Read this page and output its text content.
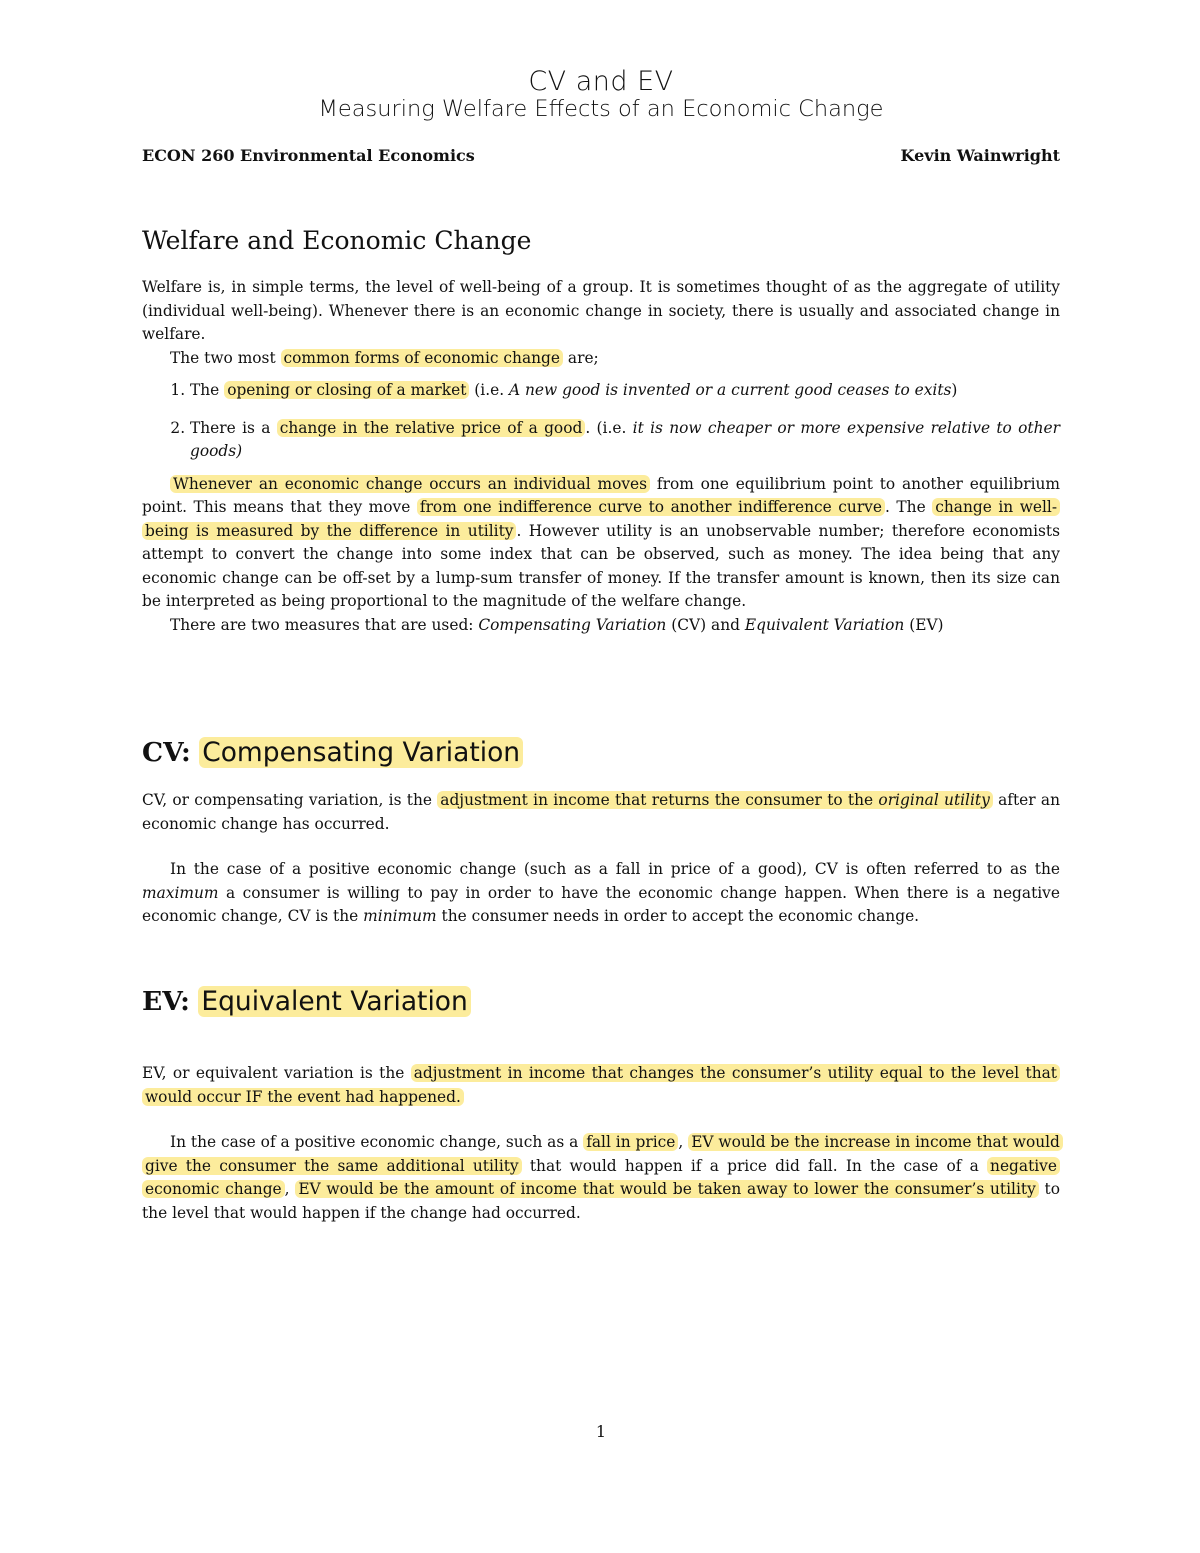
CV and EV
Measuring Welfare Effects of an Economic Change
ECON 260 Environmental Economics	Kevin Wainwright
Welfare and Economic Change

Welfare is, in simple terms, the level of well-being of a group. It is sometimes thought of as the aggregate of utility (individual well-being). Whenever there is an economic change in society, there is usually and associated change in welfare.

The two most common forms of economic change are;

1. The opening or closing of a market (i.e. A new good is invented or a current good ceases to exits)
2. There is a change in the relative price of a good . (i.e. it is now cheaper or more expensive relative to other goods)

Whenever an economic change occurs an individual moves from one equilibrium point to another equilibrium point. This means that they move from one indifference curve to another indifference curve . The change in well-being is measured by the difference in utility . However utility is an unobservable number; therefore economists attempt to convert the change into some index that can be observed, such as money. The idea being that any economic change can be off-set by a lump-sum transfer of money. If the transfer amount is known, then its size can be interpreted as being proportional to the magnitude of the welfare change.

There are two measures that are used: Compensating Variation (CV) and Equivalent Variation (EV)

CV: Compensating Variation

CV, or compensating variation, is the adjustment in income that returns the consumer to the original utility after an economic change has occurred.

In the case of a positive economic change (such as a fall in price of a good), CV is often referred to as the maximum a consumer is willing to pay in order to have the economic change happen. When there is a negative economic change, CV is the minimum the consumer needs in order to accept the economic change.

EV: Equivalent Variation

EV, or equivalent variation is the adjustment in income that changes the consumer’s utility equal to the level that would occur IF the event had happened.

In the case of a positive economic change, such as a fall in price , EV would be the increase in income that would give the consumer the same additional utility that would happen if a price did fall. In the case of a negative economic change , EV would be the amount of income that would be taken away to lower the consumer’s utility to the level that would happen if the change had occurred.

1
